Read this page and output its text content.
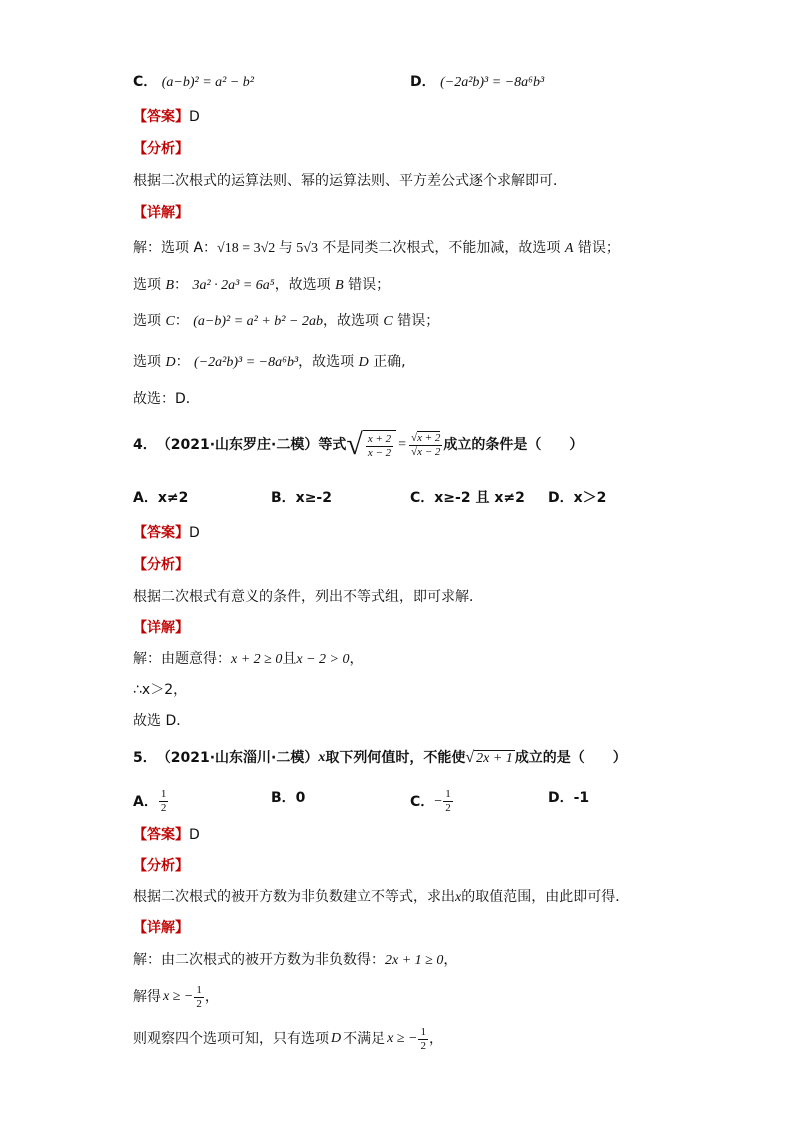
C． (a−b)² = a² − b²	D． (−2a²b)³ = −8a⁶b³
【答案】D
【分析】
根据二次根式的运算法则、幂的运算法则、平方差公式逐个求解即可．
【详解】
解：选项 A：√18 = 3√2 与 5√3 不是同类二次根式，不能加减，故选项 A 错误；
选项 B： 3a² · 2a³ = 6a⁵，故选项 B 错误；
选项 C： (a−b)² = a² + b² − 2ab，故选项 C 错误；
选项 D： (−2a²b)³ = −8a⁶b³，故选项 D 正确,
故选：D．
4． （2021·山东罗庄·二模） 等式 √ $\frac{x + 2}{x - 2} = \frac{√x + 2}{√x - 2}$ 成立的条件是（　　）
A．x≠2	B．x≥-2	C．x≥-2 且 x≠2 D．x＞2
【答案】D
【分析】
根据二次根式有意义的条件，列出不等式组，即可求解．
【详解】
解：由题意得：x + 2 ≥ 0且x − 2 > 0，
∴x＞2，
故选 D．
5． （2021·山东淄川·二模） x 取下列何值时，不能使 √ 2x + 1 成立的是（　　）
A． $\frac{1}{2}$	B．0	C． − $\frac{1}{2}$	D．-1
【答案】D
【分析】
根据二次根式的被开方数为非负数建立不等式，求出x的取值范围，由此即可得．
【详解】
解：由二次根式的被开方数为非负数得：2x + 1 ≥ 0，
解得 x ≥ − $\frac{1}{2}$ ，
则观察四个选项可知，只有选项 D 不满足 x ≥ − $\frac{1}{2}$ ，
